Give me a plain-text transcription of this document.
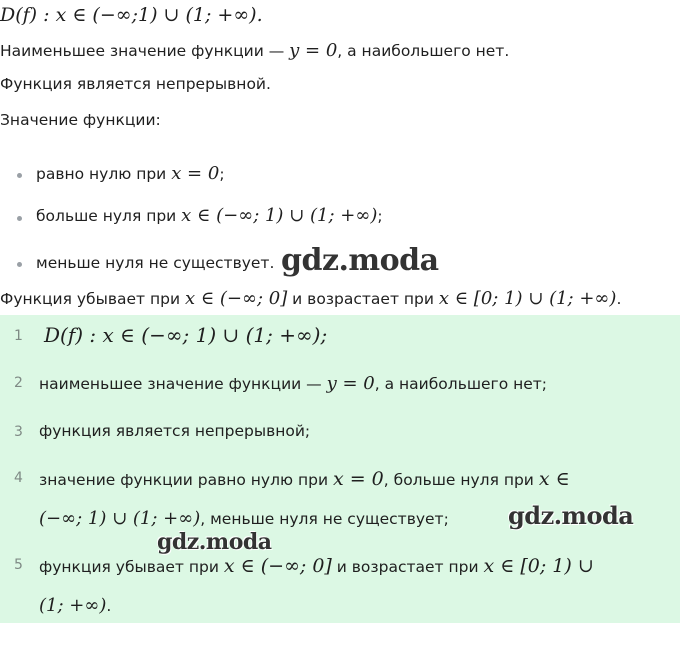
D(f) : x ∈ (−∞;1) ∪ (1; +∞).
Наименьшее значение функции — y = 0, а наибольшего нет.
Функция является непрерывной.
Значение функции:
равно нулю при x = 0;
больше нуля при x ∈ (−∞; 1) ∪ (1; +∞);
меньше нуля не существует. gdz.moda
Функция убывает при x ∈ (−∞; 0] и возрастает при x ∈ [0; 1) ∪ (1; +∞).
1 D(f) : x ∈ (−∞; 1) ∪ (1; +∞);
2	наименьшее значение функции — y = 0, а наибольшего нет;
3	функция является непрерывной;
4	значение функции равно нулю при x = 0, больше нуля при x ∈
(−∞; 1) ∪ (1; +∞), меньше нуля не существует;
5	функция убывает при x ∈ (−∞; 0] и возрастает при x ∈ [0; 1) ∪
(1; +∞).
gdz.moda
gdz.moda
